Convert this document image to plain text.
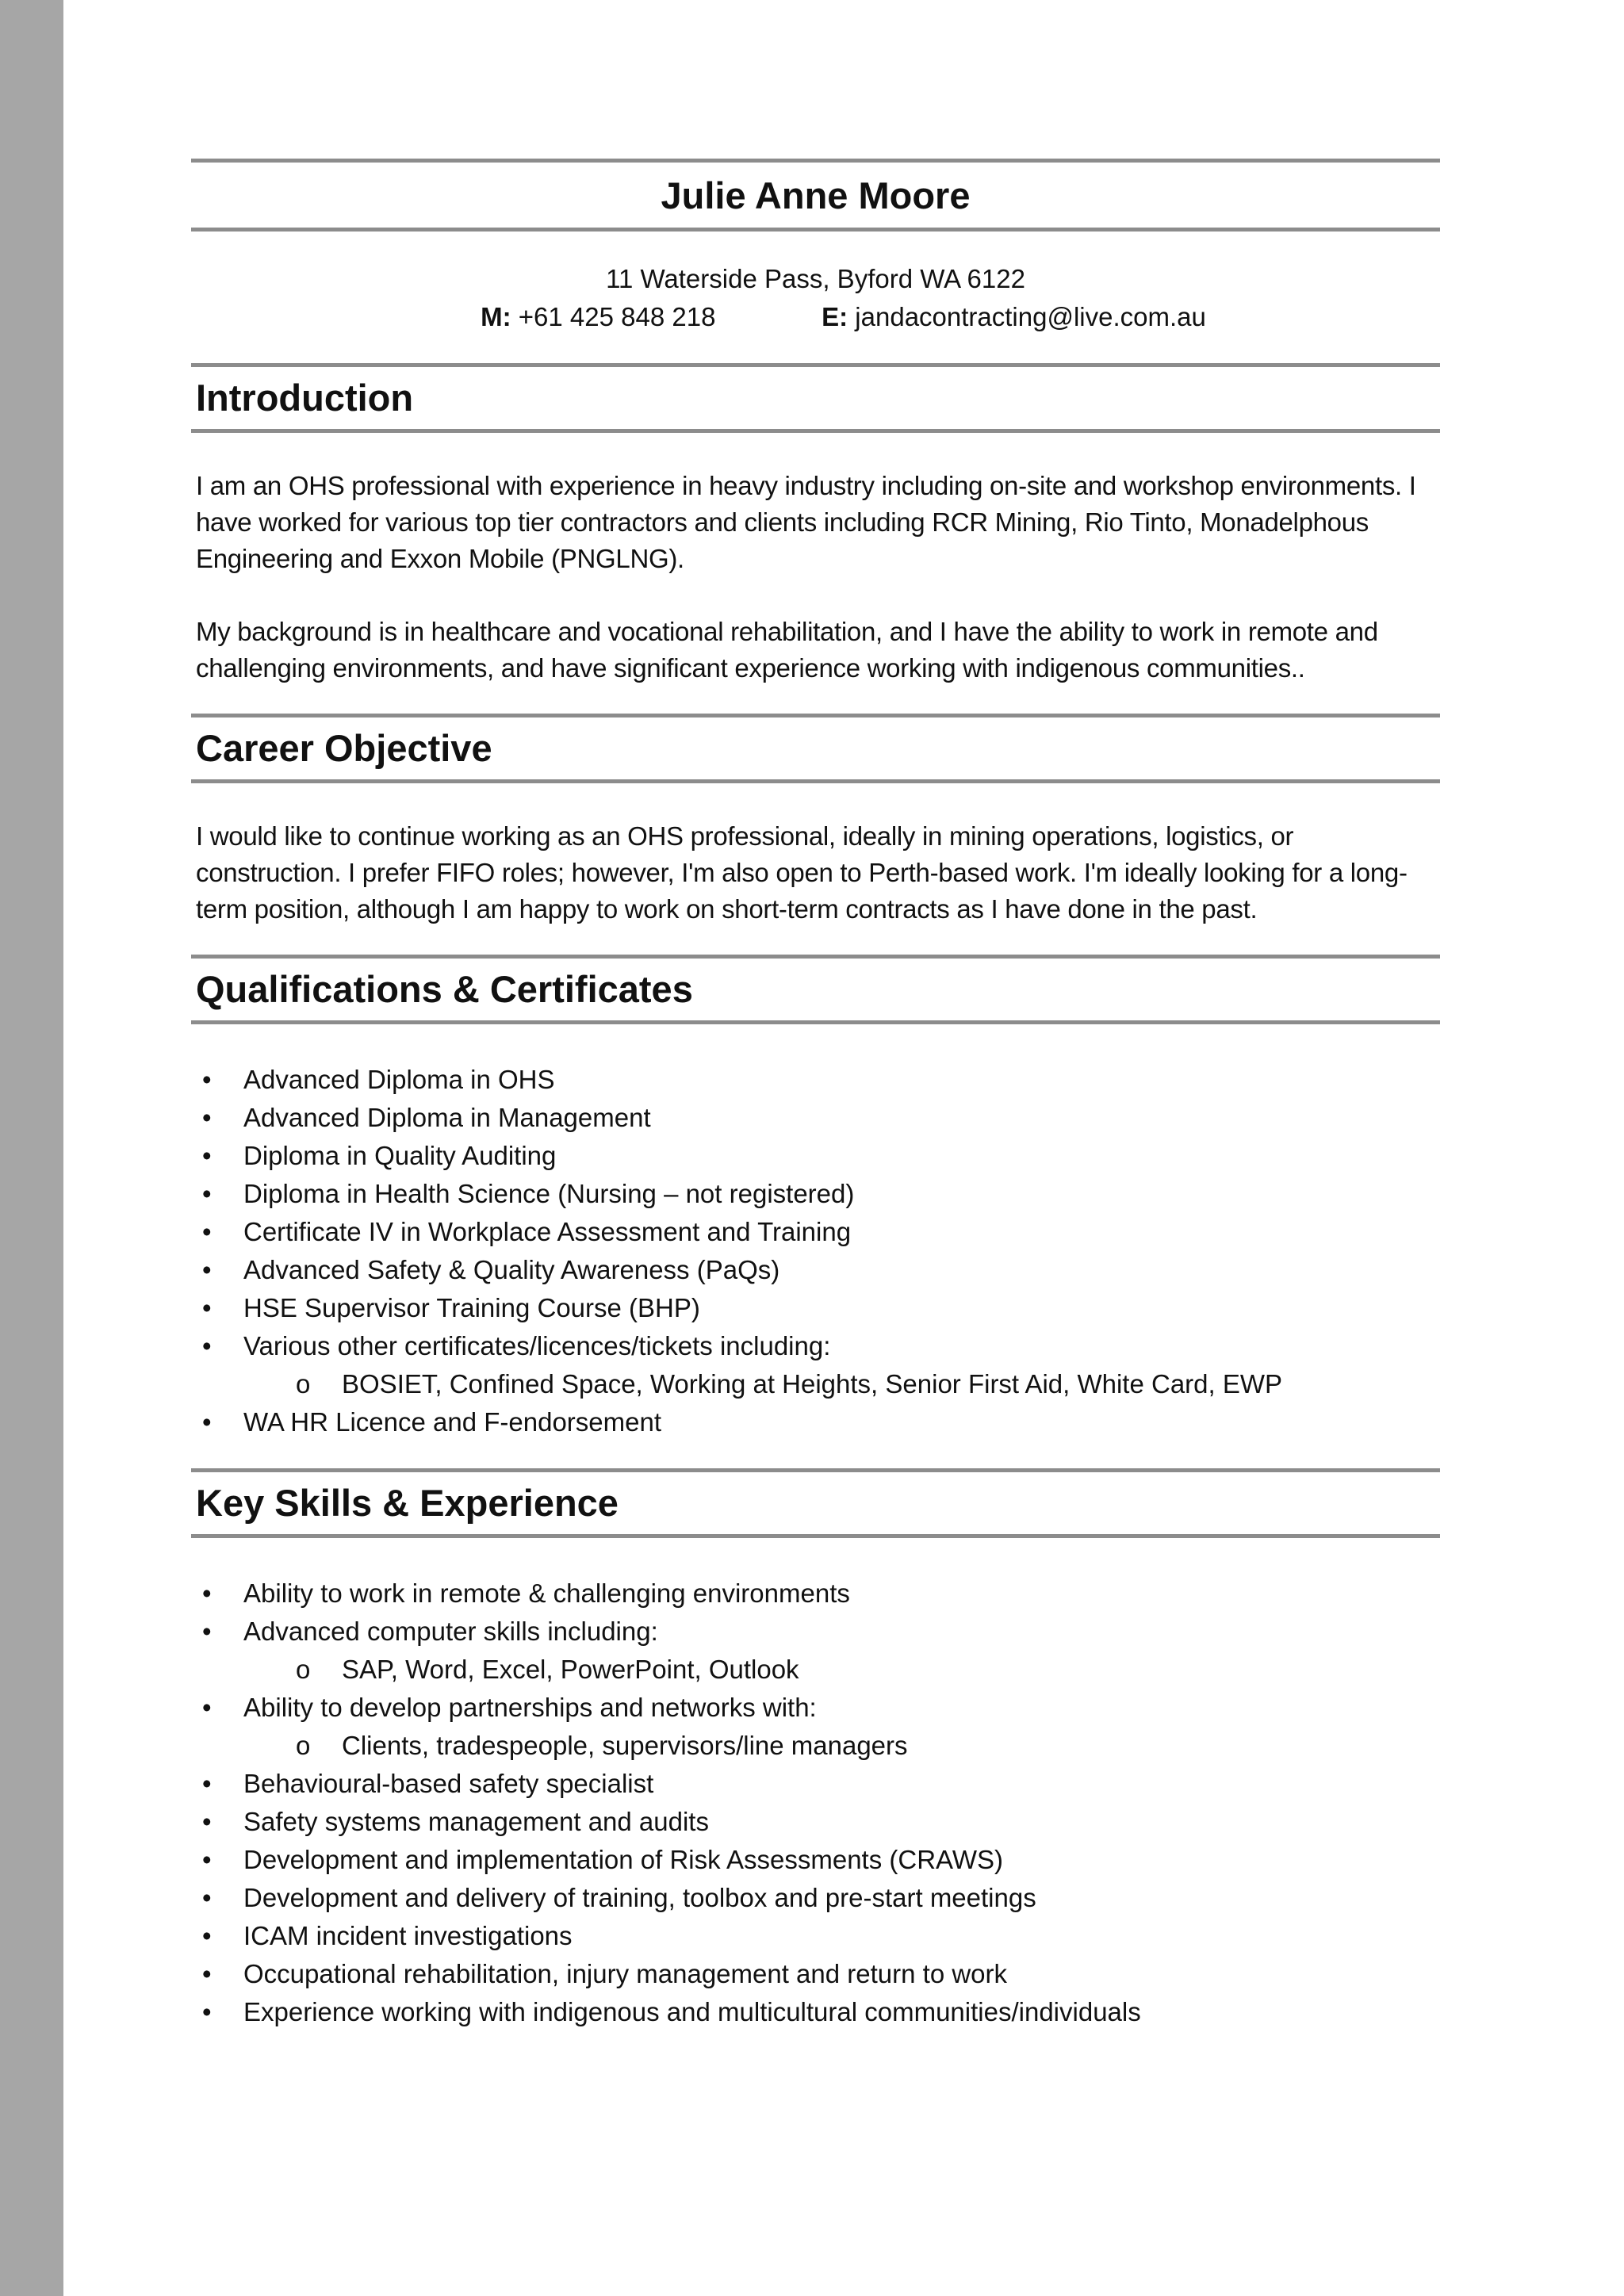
Julie Anne Moore
11 Waterside Pass, Byford WA 6122
M: +61 425 848 218	E: jandacontracting@live.com.au
Introduction

I am an OHS professional with experience in heavy industry including on-site and workshop environments. I have worked for various top tier contractors and clients including RCR Mining, Rio Tinto, Monadelphous Engineering and Exxon Mobile (PNGLNG).

My background is in healthcare and vocational rehabilitation, and I have the ability to work in remote and challenging environments, and have significant experience working with indigenous communities..

Career Objective

I would like to continue working as an OHS professional, ideally in mining operations, logistics, or construction. I prefer FIFO roles; however, I'm also open to Perth-based work. I'm ideally looking for a long-term position, although I am happy to work on short-term contracts as I have done in the past.

Qualifications & Certificates
• Advanced Diploma in OHS
• Advanced Diploma in Management
• Diploma in Quality Auditing
• Diploma in Health Science (Nursing – not registered)
• Certificate IV in Workplace Assessment and Training
• Advanced Safety & Quality Awareness (PaQs)
• HSE Supervisor Training Course (BHP)
• Various other certificates/licences/tickets including:
o BOSIET, Confined Space, Working at Heights, Senior First Aid, White Card, EWP
• WA HR Licence and F-endorsement
Key Skills & Experience
• Ability to work in remote & challenging environments
• Advanced computer skills including:
o SAP, Word, Excel, PowerPoint, Outlook
• Ability to develop partnerships and networks with:
o Clients, tradespeople, supervisors/line managers
• Behavioural-based safety specialist
• Safety systems management and audits
• Development and implementation of Risk Assessments (CRAWS)
• Development and delivery of training, toolbox and pre-start meetings
• ICAM incident investigations
• Occupational rehabilitation, injury management and return to work
• Experience working with indigenous and multicultural communities/individuals
